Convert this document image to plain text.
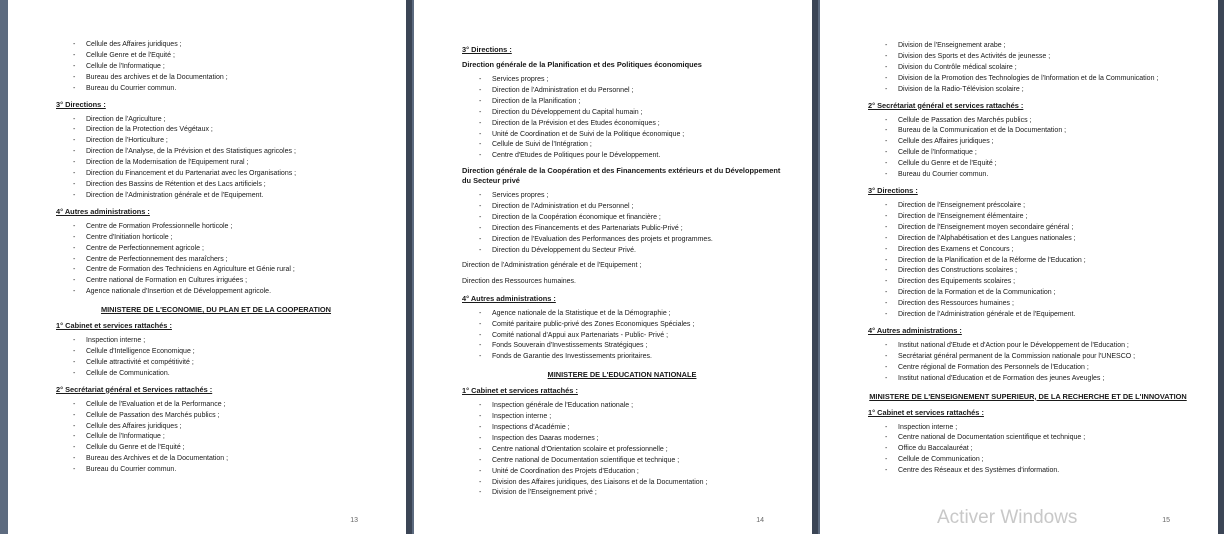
- Cellule des Affaires juridiques ;
- Cellule Genre et de l'Equité ;
- Cellule de l'Informatique ;
- Bureau des archives et de la Documentation ;
- Bureau du Courrier commun.
3° Directions :
- Direction de l'Agriculture ;
- Direction de la Protection des Végétaux ;
- Direction de l'Horticulture ;
- Direction de l'Analyse, de la Prévision et des Statistiques agricoles ;
- Direction de la Modernisation de l'Equipement rural ;
- Direction du Financement et du Partenariat avec les Organisations ;
- Direction des Bassins de Rétention et des Lacs artificiels ;
- Direction de l'Administration générale et de l'Equipement.
4° Autres administrations :
- Centre de Formation Professionnelle horticole ;
- Centre d'Initiation horticole ;
- Centre de Perfectionnement agricole ;
- Centre de Perfectionnement des maraîchers ;
- Centre de Formation des Techniciens en Agriculture et Génie rural ;
- Centre national de Formation en Cultures irriguées ;
- Agence nationale d'Insertion et de Développement agricole.
MINISTERE DE L'ECONOMIE, DU PLAN ET DE LA COOPERATION
1° Cabinet et services rattachés :
- Inspection interne ;
- Cellule d'Intelligence Economique ;
- Cellule attractivité et compétitivité ;
- Cellule de Communication.
2° Secrétariat général et Services rattachés :
- Cellule de l'Evaluation et de la Performance ;
- Cellule de Passation des Marchés publics ;
- Cellule des Affaires juridiques ;
- Cellule de l'Informatique ;
- Cellule du Genre et de l'Equité ;
- Bureau des Archives et de la Documentation ;
- Bureau du Courrier commun.
13
3° Directions :
Direction générale de la Planification et des Politiques économiques
- Services propres ;
- Direction de l'Administration et du Personnel ;
- Direction de la Planification ;
- Direction du Développement du Capital humain ;
- Direction de la Prévision et des Etudes économiques ;
- Unité de Coordination et de Suivi de la Politique économique ;
- Cellule de Suivi de l'Intégration ;
- Centre d'Etudes de Politiques pour le Développement.
Direction générale de la Coopération et des Financements extérieurs et du Développement du Secteur privé
- Services propres ;
- Direction de l'Administration et du Personnel ;
- Direction de la Coopération économique et financière ;
- Direction des Financements et des Partenariats Public-Privé ;
- Direction de l'Evaluation des Performances des projets et programmes.
- Direction du Développement du Secteur Privé.
Direction de l'Administration générale et de l'Equipement ;
Direction des Ressources humaines.
4° Autres administrations :
- Agence nationale de la Statistique et de la Démographie ;
- Comité paritaire public-privé des Zones Economiques Spéciales ;
- Comité national d'Appui aux Partenariats - Public- Privé ;
- Fonds Souverain d'Investissements Stratégiques ;
- Fonds de Garantie des Investissements prioritaires.
MINISTERE DE L'EDUCATION NATIONALE
1° Cabinet et services rattachés :
- Inspection générale de l'Education nationale ;
- Inspection interne ;
- Inspections d'Académie ;
- Inspection des Daaras modernes ;
- Centre national d'Orientation scolaire et professionnelle ;
- Centre national de Documentation scientifique et technique ;
- Unité de Coordination des Projets d'Education ;
- Division des Affaires juridiques, des Liaisons et de la Documentation ;
- Division de l'Enseignement privé ;
14
- Division de l'Enseignement arabe ;
- Division des Sports et des Activités de jeunesse ;
- Division du Contrôle médical scolaire ;
- Division de la Promotion des Technologies de l'Information et de la Communication ;
- Division de la Radio-Télévision scolaire ;
2° Secrétariat général et services rattachés :
- Cellule de Passation des Marchés publics ;
- Bureau de la Communication et de la Documentation ;
- Cellule des Affaires juridiques ;
- Cellule de l'Informatique ;
- Cellule du Genre et de l'Equité ;
- Bureau du Courrier commun.
3° Directions :
- Direction de l'Enseignement préscolaire ;
- Direction de l'Enseignement élémentaire ;
- Direction de l'Enseignement moyen secondaire général ;
- Direction de l'Alphabétisation et des Langues nationales ;
- Direction des Examens et Concours ;
- Direction de la Planification et de la Réforme de l'Education ;
- Direction des Constructions scolaires ;
- Direction des Equipements scolaires ;
- Direction de la Formation et de la Communication ;
- Direction des Ressources humaines ;
- Direction de l'Administration générale et de l'Equipement.
4° Autres administrations :
- Institut national d'Etude et d'Action pour le Développement de l'Education ;
- Secrétariat général permanent de la Commission nationale pour l'UNESCO ;
- Centre régional de Formation des Personnels de l'Education ;
- Institut national d'Education et de Formation des jeunes Aveugles ;
MINISTERE DE L'ENSEIGNEMENT SUPERIEUR, DE LA RECHERCHE ET DE L'INNOVATION
1° Cabinet et services rattachés :
- Inspection interne ;
- Centre national de Documentation scientifique et technique ;
- Office du Baccalauréat ;
- Cellule de Communication ;
- Centre des Réseaux et des Systèmes d'information.
15
Activer Windows
